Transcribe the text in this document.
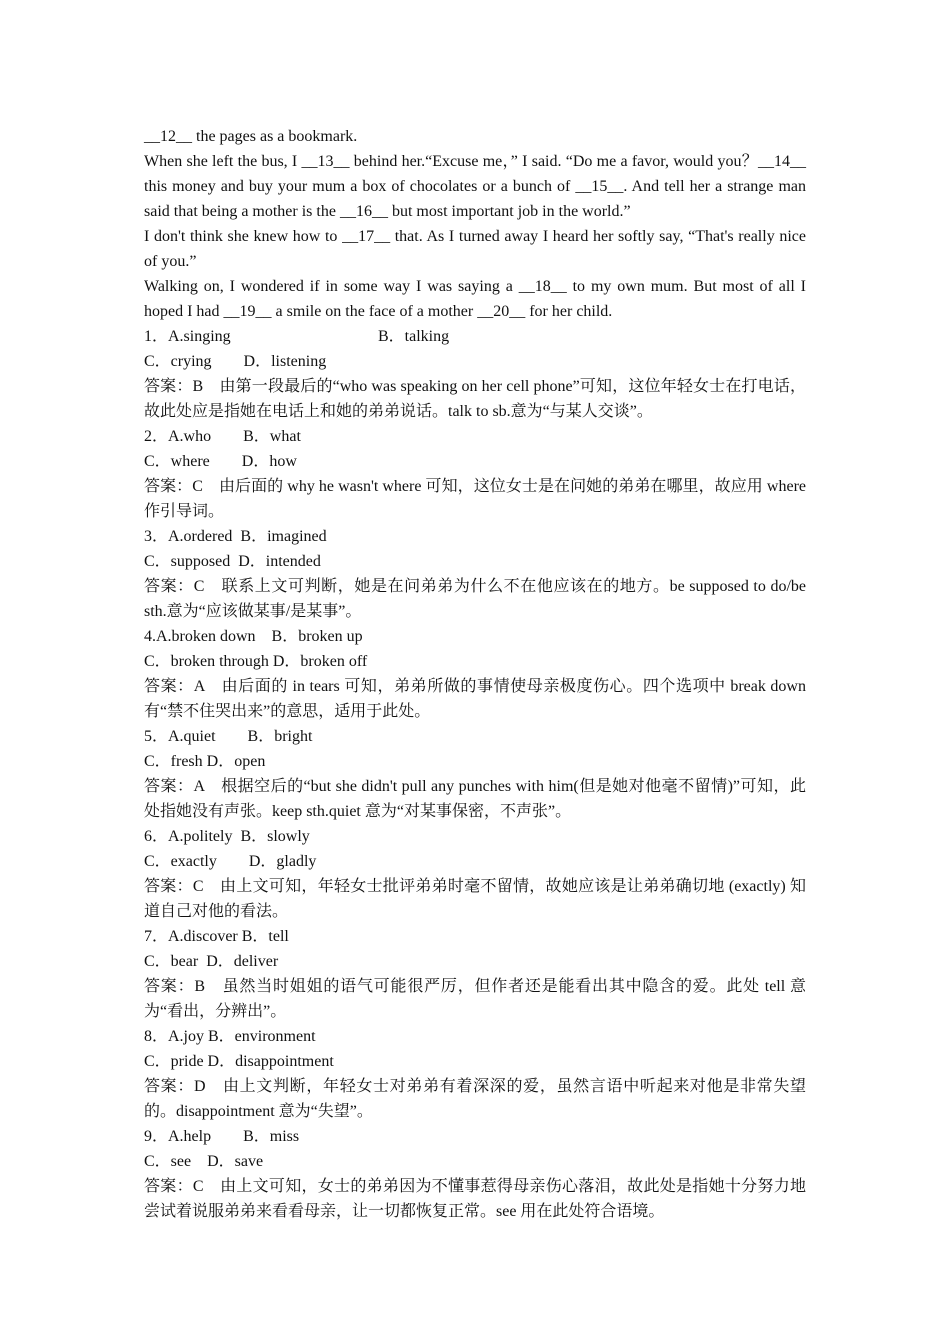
__12__ the pages as a bookmark.

When she left the bus, I __13__ behind her.“Excuse me，” I said. “Do me a favor, would you？__14__ this money and buy your mum a box of chocolates or a bunch of __15__. And tell her a strange man said that being a mother is the __16__ but most important job in the world.”

I don't think she knew how to __17__ that. As I turned away I heard her softly say, “That's really nice of you.”

Walking on, I wondered if in some way I was saying a __18__ to my own mum. But most of all I hoped I had __19__ a smile on the face of a mother __20__ for her child.

1．A.singing	B．talking

C．crying　　D．listening

答案：B　由第一段最后的“who was speaking on her cell phone”可知，这位年轻女士在打电话，故此处应是指她在电话上和她的弟弟说话。talk to sb.意为“与某人交谈”。

2．A.who　　B．what

C．where　　D．how

答案：C　由后面的 why he wasn't where 可知，这位女士是在问她的弟弟在哪里，故应用 where 作引导词。

3．A.ordered  B．imagined

C．supposed  D．intended

答案：C　联系上文可判断，她是在问弟弟为什么不在他应该在的地方。be supposed to do/be sth.意为“应该做某事/是某事”。

4.A.broken down　B．broken up

C．broken through D．broken off

答案：A　由后面的 in tears 可知，弟弟所做的事情使母亲极度伤心。四个选项中 break down 有“禁不住哭出来”的意思，适用于此处。

5．A.quiet　　B．bright

C．fresh D．open

答案：A　根据空后的“but she didn't pull any punches with him(但是她对他毫不留情)”可知，此处指她没有声张。keep sth.quiet 意为“对某事保密，不声张”。

6．A.politely  B．slowly

C．exactly　　D．gladly

答案：C　由上文可知，年轻女士批评弟弟时毫不留情，故她应该是让弟弟确切地 (exactly) 知道自己对他的看法。

7．A.discover B．tell

C．bear  D．deliver

答案：B　虽然当时姐姐的语气可能很严厉，但作者还是能看出其中隐含的爱。此处 tell 意为“看出，分辨出”。

8．A.joy B．environment

C．pride D．disappointment

答案：D　由上文判断，年轻女士对弟弟有着深深的爱，虽然言语中听起来对他是非常失望的。disappointment 意为“失望”。

9．A.help　　B．miss

C．see　D．save

答案：C　由上文可知，女士的弟弟因为不懂事惹得母亲伤心落泪，故此处是指她十分努力地尝试着说服弟弟来看看母亲，让一切都恢复正常。see 用在此处符合语境。
